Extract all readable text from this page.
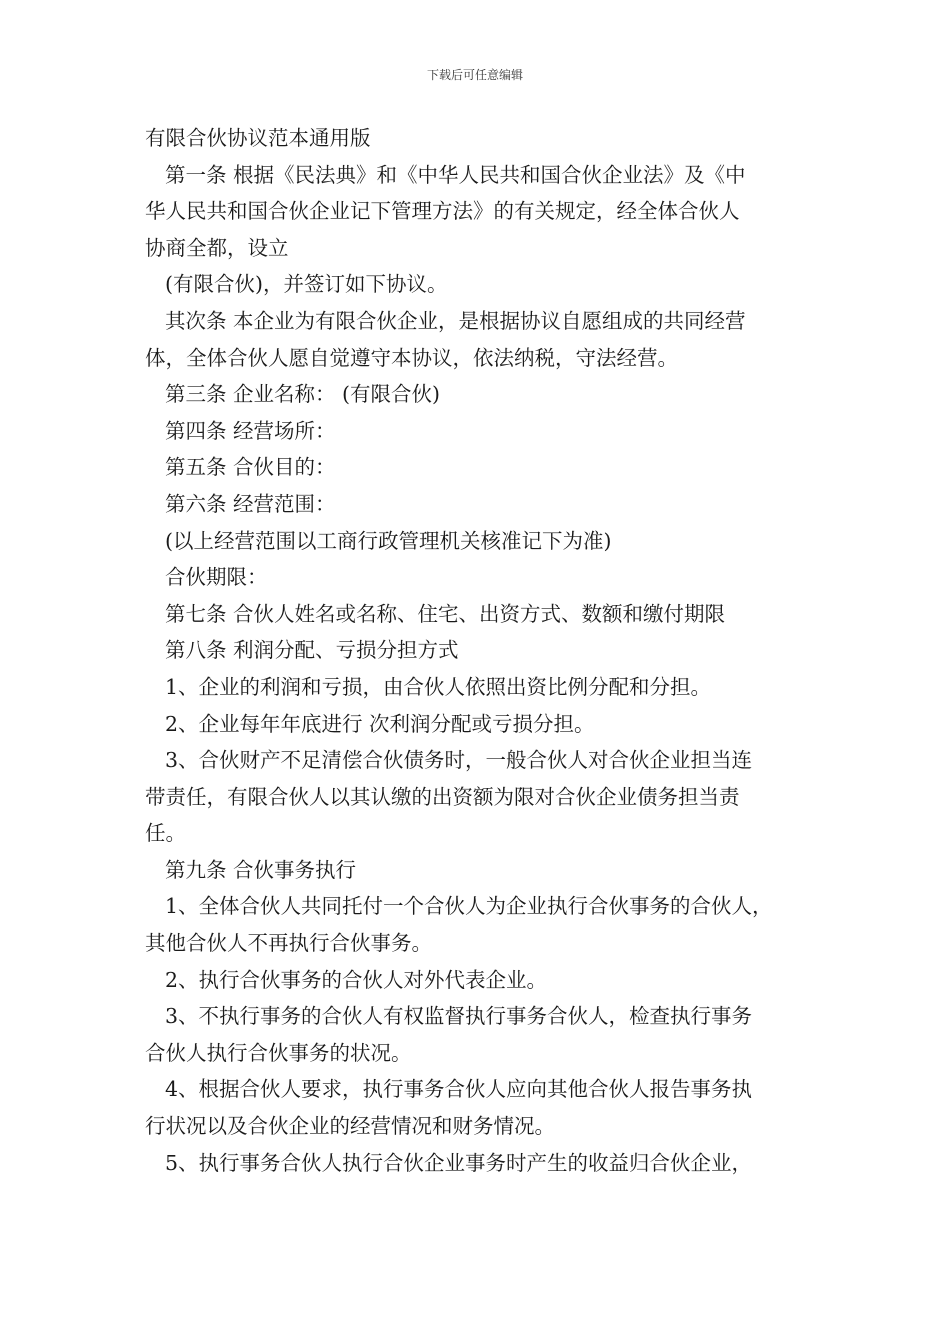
下载后可任意编辑
有限合伙协议范本通用版
第一条 根据《民法典》和《中华人民共和国合伙企业法》及《中
华人民共和国合伙企业记下管理方法》的有关规定，经全体合伙人
协商全都，设立
(有限合伙)，并签订如下协议。
其次条 本企业为有限合伙企业，是根据协议自愿组成的共同经营
体，全体合伙人愿自觉遵守本协议，依法纳税，守法经营。
第三条 企业名称： (有限合伙)
第四条 经营场所：
第五条 合伙目的：
第六条 经营范围：
(以上经营范围以工商行政管理机关核准记下为准)
合伙期限：
第七条 合伙人姓名或名称、住宅、出资方式、数额和缴付期限
第八条 利润分配、亏损分担方式
1、企业的利润和亏损，由合伙人依照出资比例分配和分担。
2、企业每年年底进行 次利润分配或亏损分担。
3、合伙财产不足清偿合伙债务时，一般合伙人对合伙企业担当连
带责任，有限合伙人以其认缴的出资额为限对合伙企业债务担当责
任。
第九条 合伙事务执行
1、全体合伙人共同托付一个合伙人为企业执行合伙事务的合伙人，
其他合伙人不再执行合伙事务。
2、执行合伙事务的合伙人对外代表企业。
3、不执行事务的合伙人有权监督执行事务合伙人，检查执行事务
合伙人执行合伙事务的状况。
4、根据合伙人要求，执行事务合伙人应向其他合伙人报告事务执
行状况以及合伙企业的经营情况和财务情况。
5、执行事务合伙人执行合伙企业事务时产生的收益归合伙企业，
